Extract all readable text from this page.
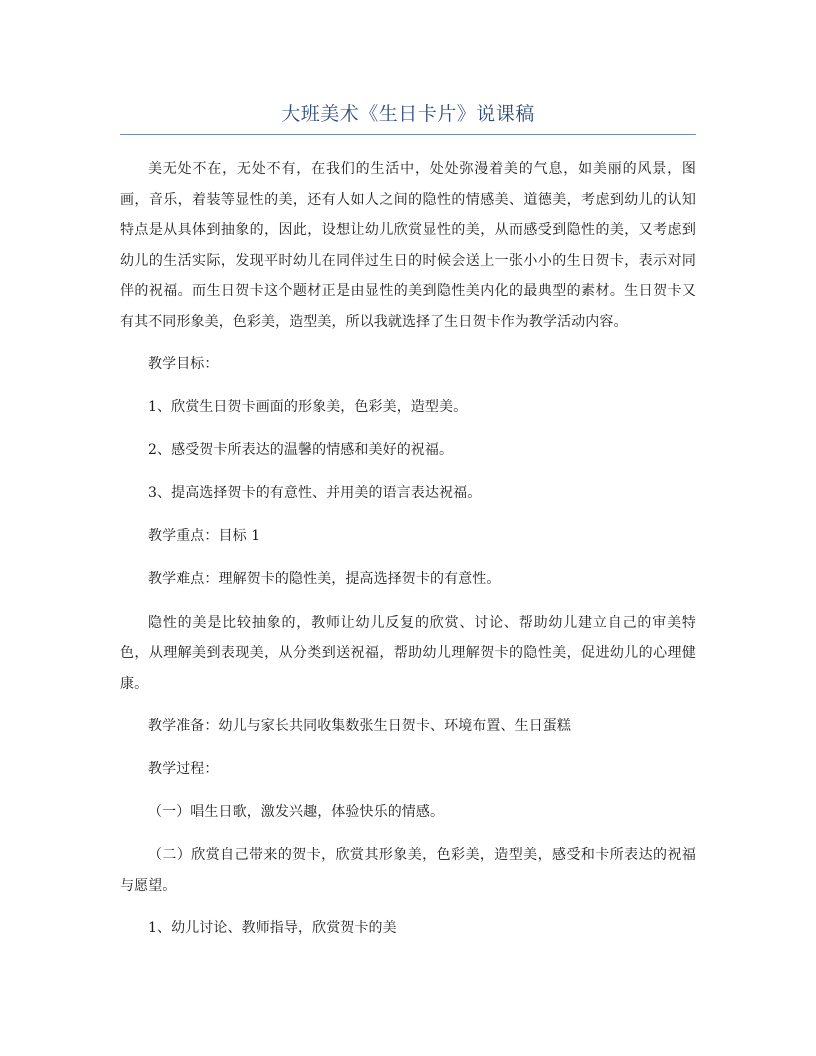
大班美术《生日卡片》说课稿

美无处不在，无处不有，在我们的生活中，处处弥漫着美的气息，如美丽的风景，图画，音乐，着装等显性的美，还有人如人之间的隐性的情感美、道德美，考虑到幼儿的认知特点是从具体到抽象的，因此，设想让幼儿欣赏显性的美，从而感受到隐性的美，又考虑到幼儿的生活实际，发现平时幼儿在同伴过生日的时候会送上一张小小的生日贺卡，表示对同伴的祝福。而生日贺卡这个题材正是由显性的美到隐性美内化的最典型的素材。生日贺卡又有其不同形象美，色彩美，造型美，所以我就选择了生日贺卡作为教学活动内容。

教学目标：

1、欣赏生日贺卡画面的形象美，色彩美，造型美。

2、感受贺卡所表达的温馨的情感和美好的祝福。

3、提高选择贺卡的有意性、并用美的语言表达祝福。

教学重点：目标 1

教学难点：理解贺卡的隐性美，提高选择贺卡的有意性。

隐性的美是比较抽象的，教师让幼儿反复的欣赏、讨论、帮助幼儿建立自己的审美特色，从理解美到表现美，从分类到送祝福，帮助幼儿理解贺卡的隐性美，促进幼儿的心理健康。

教学准备：幼儿与家长共同收集数张生日贺卡、环境布置、生日蛋糕

教学过程：

（一）唱生日歌，激发兴趣，体验快乐的情感。

（二）欣赏自己带来的贺卡，欣赏其形象美，色彩美，造型美，感受和卡所表达的祝福与愿望。

1、幼儿讨论、教师指导，欣赏贺卡的美
